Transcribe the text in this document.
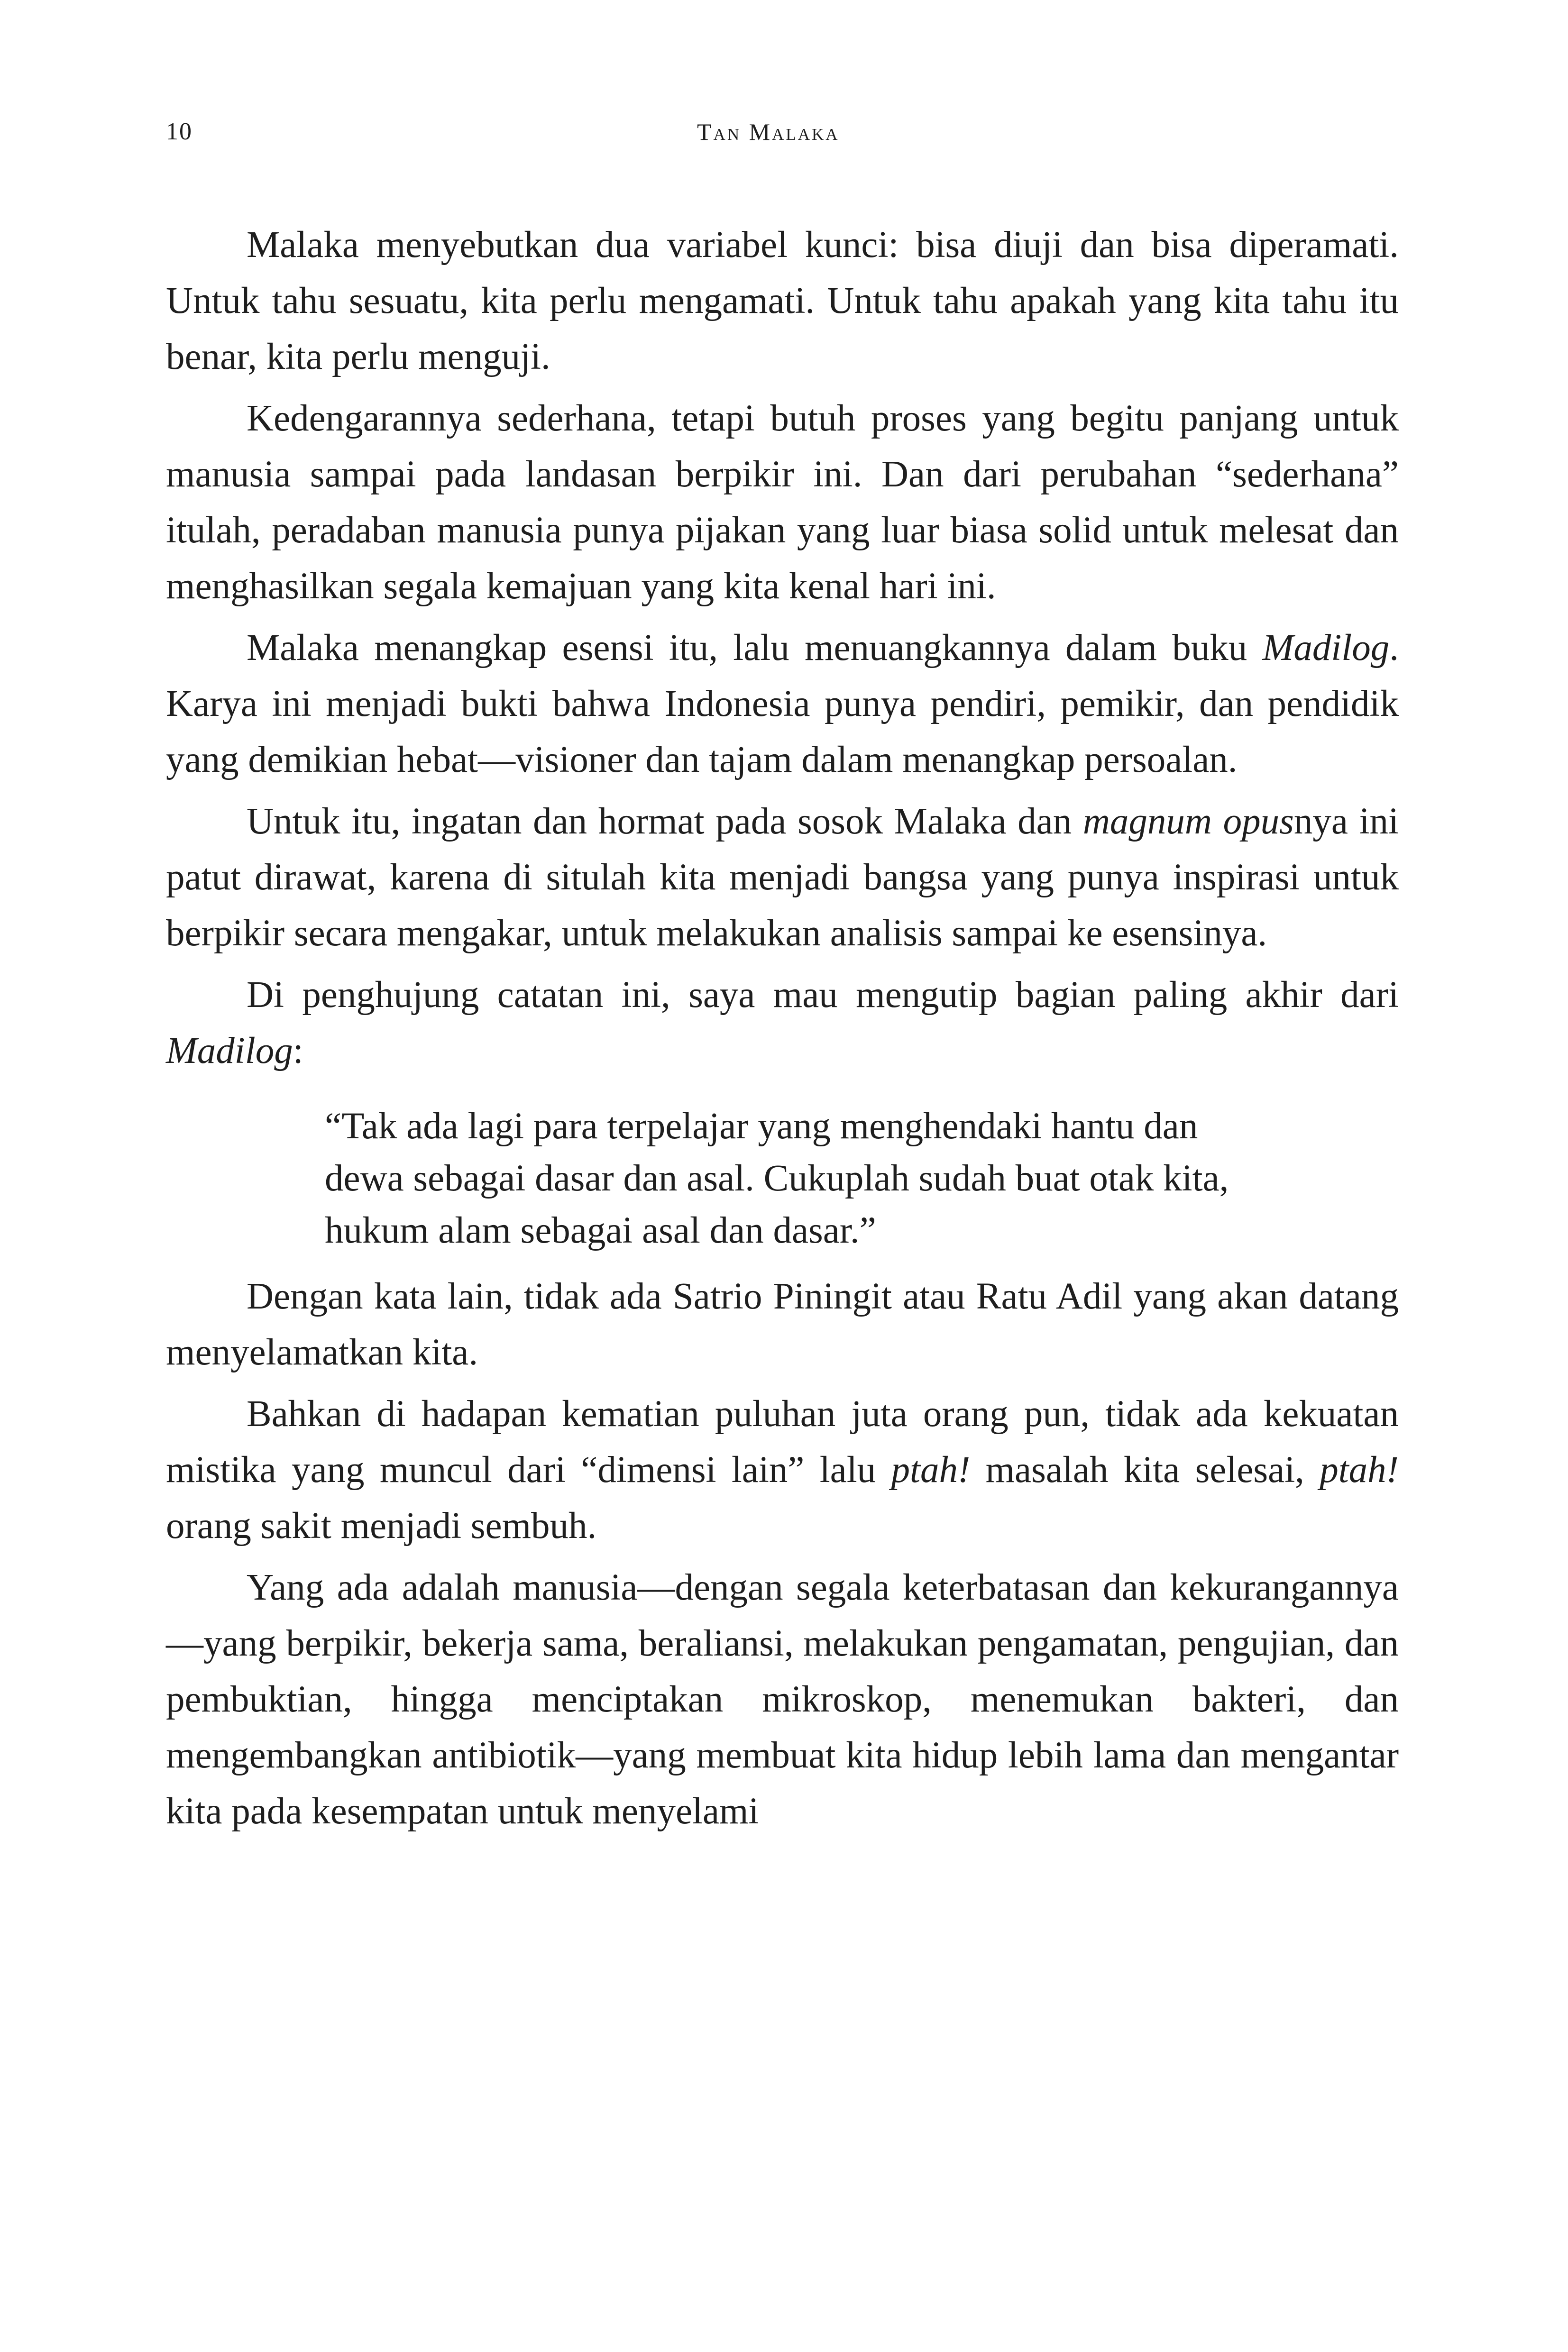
10	Tan Malaka

Malaka menyebutkan dua variabel kunci: bisa diuji dan bisa diperamati. Untuk tahu sesuatu, kita perlu mengamati. Untuk tahu apakah yang kita tahu itu benar, kita perlu menguji.

Kedengarannya sederhana, tetapi butuh proses yang begitu panjang untuk manusia sampai pada landasan berpikir ini. Dan dari perubahan “sederhana” itulah, peradaban manusia punya pijakan yang luar biasa solid untuk melesat dan menghasilkan segala kemajuan yang kita kenal hari ini.

Malaka menangkap esensi itu, lalu menuangkannya dalam buku Madilog. Karya ini menjadi bukti bahwa Indonesia punya pendiri, pemikir, dan pendidik yang demikian hebat—visioner dan tajam dalam menangkap persoalan.

Untuk itu, ingatan dan hormat pada sosok Malaka dan magnum opusnya ini patut dirawat, karena di situlah kita menjadi bangsa yang punya inspirasi untuk berpikir secara mengakar, untuk melakukan analisis sampai ke esensinya.

Di penghujung catatan ini, saya mau mengutip bagian paling akhir dari Madilog:

“Tak ada lagi para terpelajar yang menghendaki hantu dan
dewa sebagai dasar dan asal. Cukuplah sudah buat otak kita,
hukum alam sebagai asal dan dasar.”

Dengan kata lain, tidak ada Satrio Piningit atau Ratu Adil yang akan datang menyelamatkan kita.

Bahkan di hadapan kematian puluhan juta orang pun, tidak ada kekuatan mistika yang muncul dari “dimensi lain” lalu ptah! masalah kita selesai, ptah! orang sakit menjadi sembuh.

Yang ada adalah manusia—dengan segala keterbatasan dan kekurangannya—yang berpikir, bekerja sama, beraliansi, melakukan pengamatan, pengujian, dan pembuktian, hingga menciptakan mikroskop, menemukan bakteri, dan mengembangkan antibiotik—yang membuat kita hidup lebih lama dan mengantar kita pada kesempatan untuk menyelami
